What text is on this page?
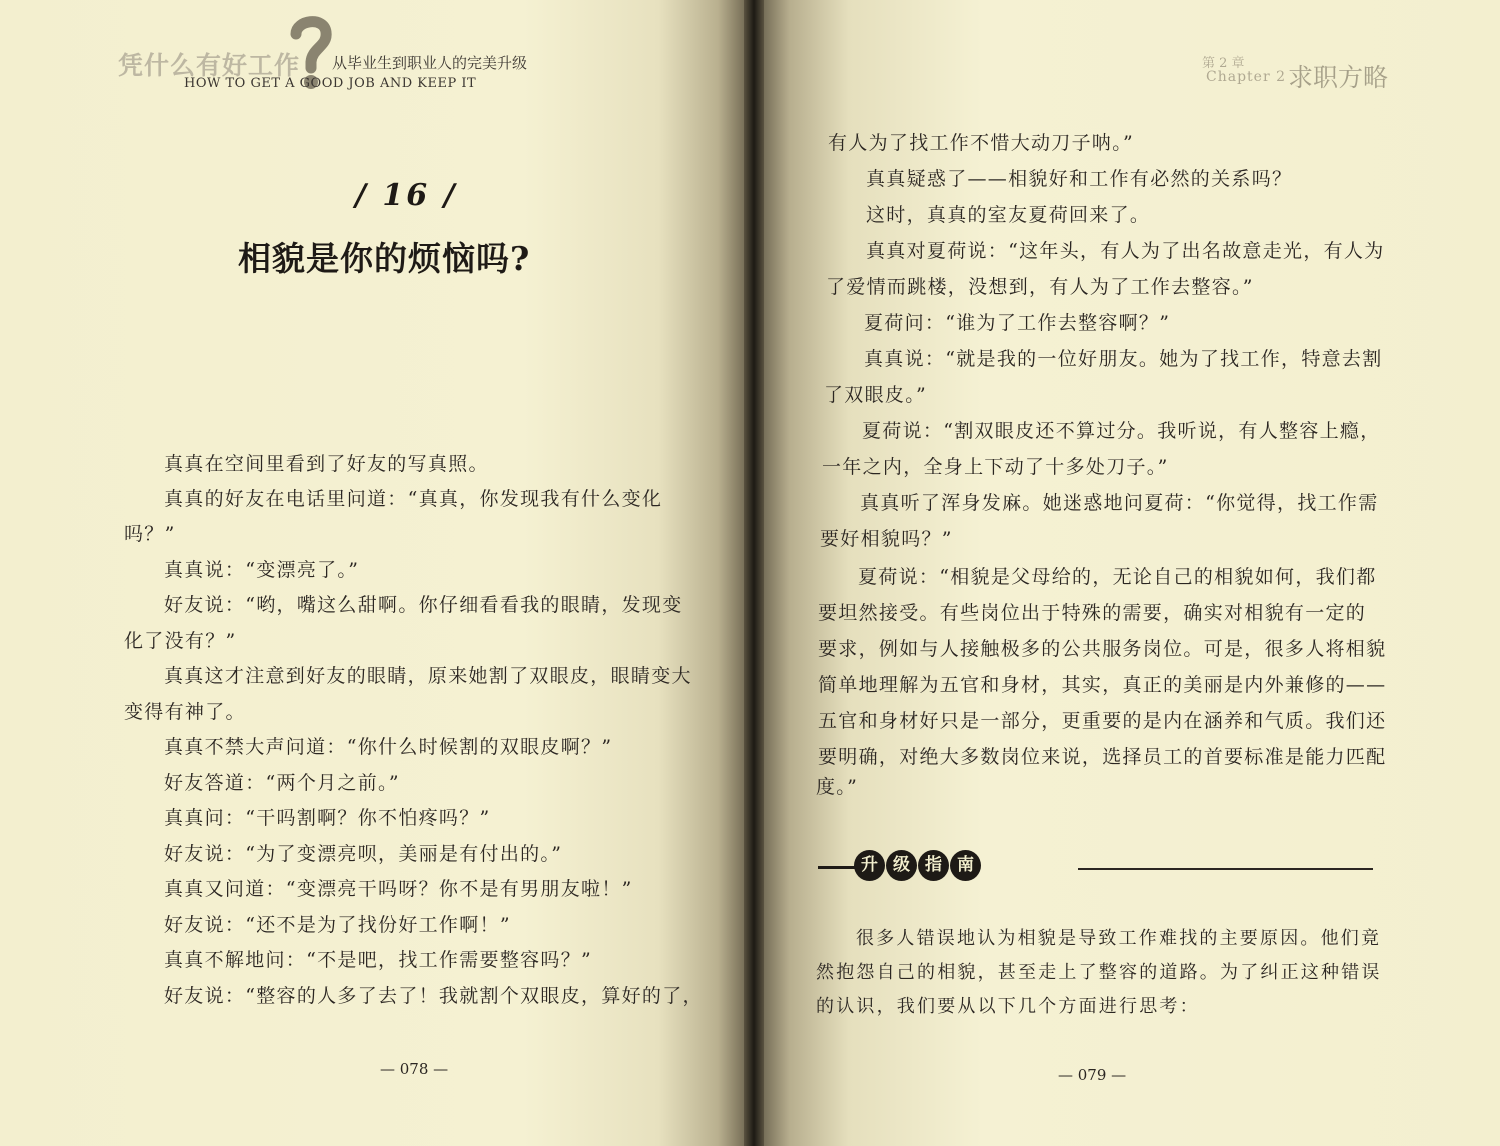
凭什么有好工作 从毕业生到职业人的完美升级
HOW TO GET A GOOD JOB AND KEEP IT
/ 16 /
相貌是你的烦恼吗?
真真在空间里看到了好友的写真照。
真真的好友在电话里问道：“真真，你发现我有什么变化
吗？”
真真说：“变漂亮了。”
好友说：“哟，嘴这么甜啊。你仔细看看我的眼睛，发现变
化了没有？”
真真这才注意到好友的眼睛，原来她割了双眼皮，眼睛变大
变得有神了。
真真不禁大声问道：“你什么时候割的双眼皮啊？”
好友答道：“两个月之前。”
真真问：“干吗割啊？你不怕疼吗？”
好友说：“为了变漂亮呗，美丽是有付出的。”
真真又问道：“变漂亮干吗呀？你不是有男朋友啦！”
好友说：“还不是为了找份好工作啊！”
真真不解地问：“不是吧，找工作需要整容吗？”
好友说：“整容的人多了去了！我就割个双眼皮，算好的了，
— 078 —
第 2 章
Chapter 2 求职方略
有人为了找工作不惜大动刀子呐。”
真真疑惑了——相貌好和工作有必然的关系吗？
这时，真真的室友夏荷回来了。
真真对夏荷说：“这年头，有人为了出名故意走光，有人为
了爱情而跳楼，没想到，有人为了工作去整容。”
夏荷问：“谁为了工作去整容啊？”
真真说：“就是我的一位好朋友。她为了找工作，特意去割
了双眼皮。”
夏荷说：“割双眼皮还不算过分。我听说，有人整容上瘾，
一年之内，全身上下动了十多处刀子。”
真真听了浑身发麻。她迷惑地问夏荷：“你觉得，找工作需
要好相貌吗？”
夏荷说：“相貌是父母给的，无论自己的相貌如何，我们都
要坦然接受。有些岗位出于特殊的需要，确实对相貌有一定的
要求，例如与人接触极多的公共服务岗位。可是，很多人将相貌
简单地理解为五官和身材，其实，真正的美丽是内外兼修的——
五官和身材好只是一部分，更重要的是内在涵养和气质。我们还
要明确，对绝大多数岗位来说，选择员工的首要标准是能力匹配
度。”
升 级 指 南
很多人错误地认为相貌是导致工作难找的主要原因。他们竟
然抱怨自己的相貌，甚至走上了整容的道路。为了纠正这种错误
的认识，我们要从以下几个方面进行思考：
— 079 —
